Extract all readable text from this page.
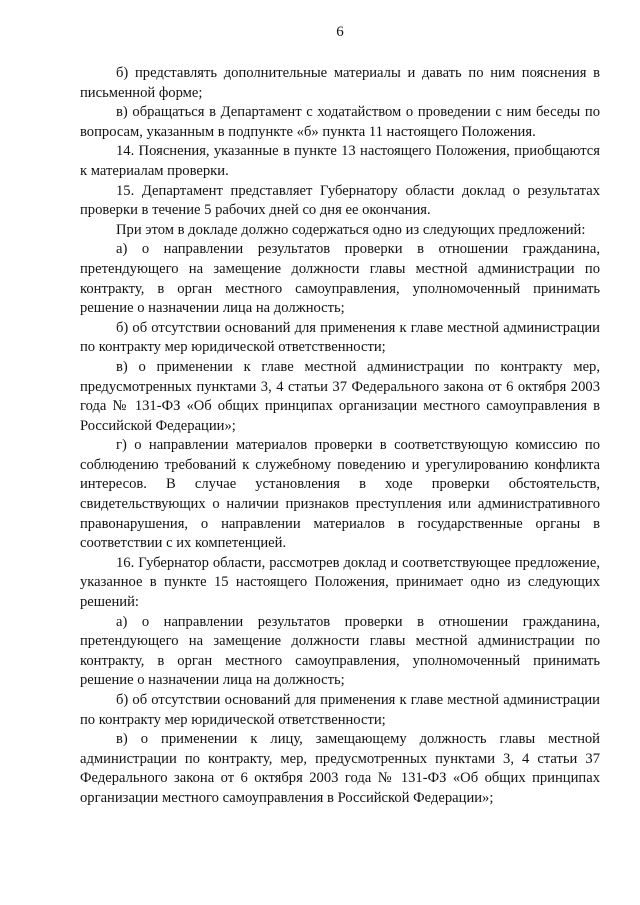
6

б) представлять дополнительные материалы и давать по ним пояснения в письменной форме;

в) обращаться в Департамент с ходатайством о проведении с ним беседы по вопросам, указанным в подпункте «б» пункта 11 настоящего Положения.

14. Пояснения, указанные в пункте 13 настоящего Положения, приобщаются к материалам проверки.

15. Департамент представляет Губернатору области доклад о результатах проверки в течение 5 рабочих дней со дня ее окончания.

При этом в докладе должно содержаться одно из следующих предложений:

а) о направлении результатов проверки в отношении гражданина, претендующего на замещение должности главы местной администрации по контракту, в орган местного самоуправления, уполномоченный принимать решение о назначении лица на должность;

б) об отсутствии оснований для применения к главе местной администрации по контракту мер юридической ответственности;

в) о применении к главе местной администрации по контракту мер, предусмотренных пунктами 3, 4 статьи 37 Федерального закона от 6 октября 2003 года № 131-ФЗ «Об общих принципах организации местного самоуправления в Российской Федерации»;

г) о направлении материалов проверки в соответствующую комиссию по соблюдению требований к служебному поведению и урегулированию конфликта интересов. В случае установления в ходе проверки обстоятельств, свидетельствующих о наличии признаков преступления или административного правонарушения, о направлении материалов в государственные органы в соответствии с их компетенцией.

16. Губернатор области, рассмотрев доклад и соответствующее предложение, указанное в пункте 15 настоящего Положения, принимает одно из следующих решений:

а) о направлении результатов проверки в отношении гражданина, претендующего на замещение должности главы местной администрации по контракту, в орган местного самоуправления, уполномоченный принимать решение о назначении лица на должность;

б) об отсутствии оснований для применения к главе местной администрации по контракту мер юридической ответственности;

в) о применении к лицу, замещающему должность главы местной администрации по контракту, мер, предусмотренных пунктами 3, 4 статьи 37 Федерального закона от 6 октября 2003 года № 131-ФЗ «Об общих принципах организации местного самоуправления в Российской Федерации»;
